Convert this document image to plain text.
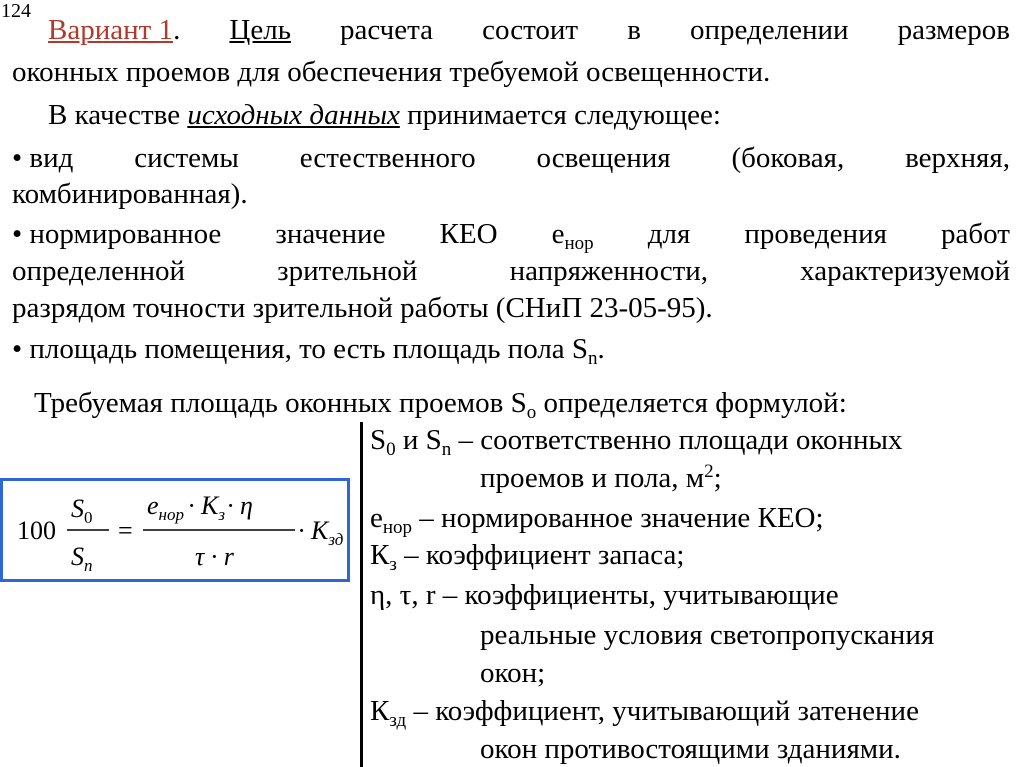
124
Вариант 1. Цель расчета состоит в определении размеров
оконных проемов для обеспечения требуемой освещенности.
В качестве исходных данных принимается следующее:
• вид системы естественного освещения (боковая, верхняя,
комбинированная).
• нормированное значение КЕО $е_{нор}$ для проведения работ
определенной	зрительной	напряженности,	характеризуемой
разрядом точности зрительной работы (СНиП 23-05-95).
• площадь помещения, то есть площадь пола $S_n$.
Требуемая площадь оконных проемов $S_o$ определяется формулой:
100
$S_0$
$S_n$
=
$e_{нор} \cdot K_з\cdot \eta$
τ · r
· $K_{зд}$
$S_0$ и $S_n$ – соответственно площади оконных
проемов и пола, $м^2$;
$е_{нор}$ – нормированное значение КЕО;
$К_з$ – коэффициент запаса;
η, τ, r – коэффициенты, учитывающие
реальные условия светопропускания
окон;
$К_{зд}$ – коэффициент, учитывающий затенение
окон противостоящими зданиями.
